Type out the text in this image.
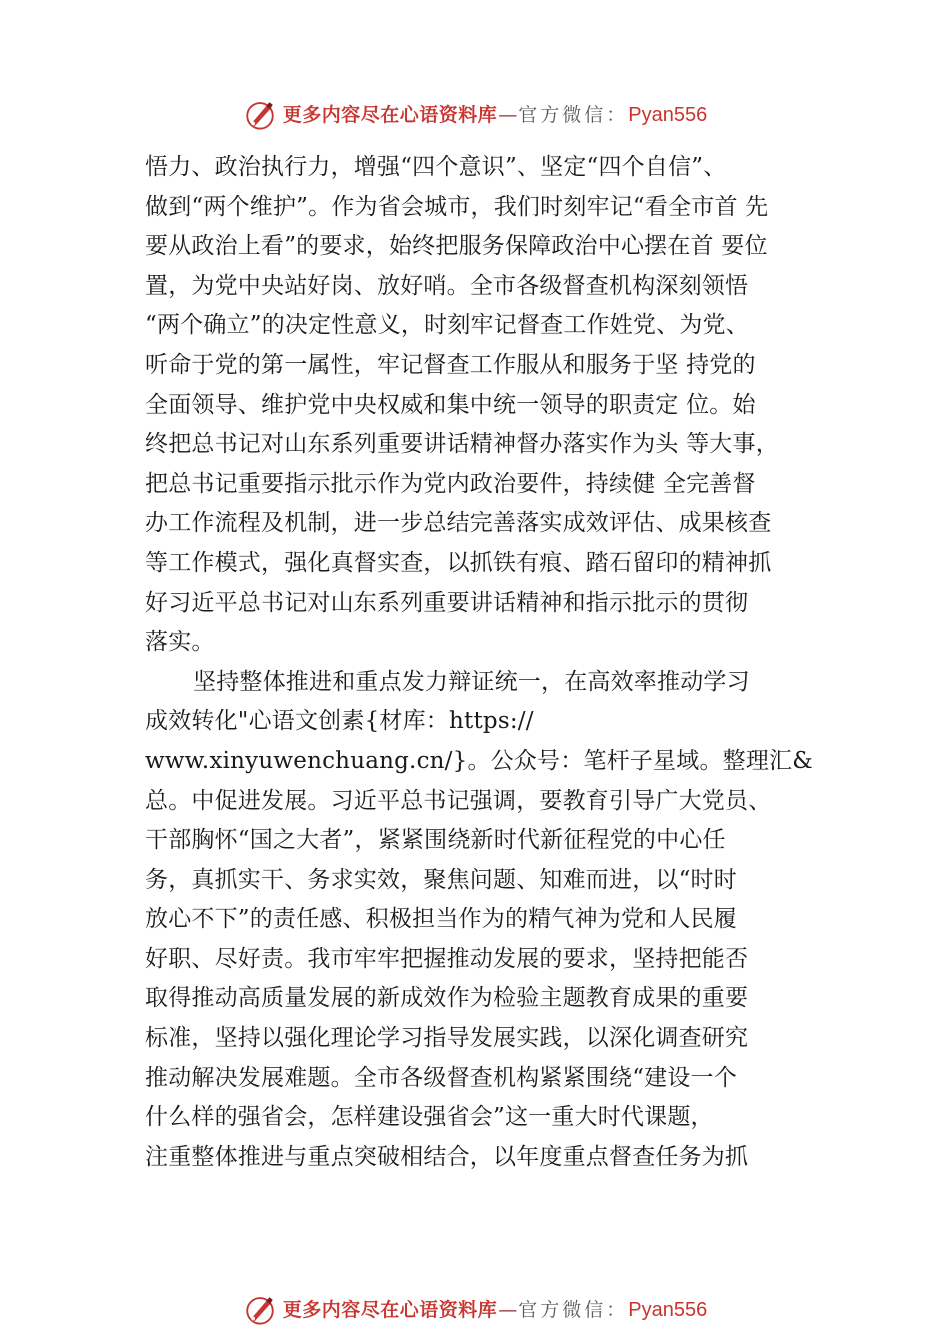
更多内容尽在心语资料库 — 官方微信： Pyan556
悟力、政治执行力，增强“四个意识”、坚定“四个自信”、
做到“两个维护”。作为省会城市，我们时刻牢记“看全市首 先
要从政治上看”的要求，始终把服务保障政治中心摆在首 要位
置，为党中央站好岗、放好哨。全市各级督查机构深刻领悟
“两个确立”的决定性意义，时刻牢记督查工作姓党、为党、
听命于党的第一属性，牢记督查工作服从和服务于坚 持党的
全面领导、维护党中央权威和集中统一领导的职责定 位。始
终把总书记对山东系列重要讲话精神督办落实作为头 等大事，
把总书记重要指示批示作为党内政治要件，持续健 全完善督
办工作流程及机制，进一步总结完善落实成效评估、成果核查
等工作模式，强化真督实查，以抓铁有痕、踏石留印的精神抓
好习近平总书记对山东系列重要讲话精神和指示批示的贯彻
落实。
坚持整体推进和重点发力辩证统一，在高效率推动学习
成效转化"心语文创素{材库：https://
www.xinyuwenchuang.cn/}。公众号：笔杆子星域。整理汇&
总。中促进发展。习近平总书记强调，要教育引导广大党员、
干部胸怀“国之大者”，紧紧围绕新时代新征程党的中心任
务，真抓实干、务求实效，聚焦问题、知难而进，以“时时
放心不下”的责任感、积极担当作为的精气神为党和人民履
好职、尽好责。我市牢牢把握推动发展的要求，坚持把能否
取得推动高质量发展的新成效作为检验主题教育成果的重要
标准，坚持以强化理论学习指导发展实践，以深化调查研究
推动解决发展难题。全市各级督查机构紧紧围绕“建设一个
什么样的强省会，怎样建设强省会”这一重大时代课题，
注重整体推进与重点突破相结合，以年度重点督查任务为抓
更多内容尽在心语资料库 — 官方微信： Pyan556
